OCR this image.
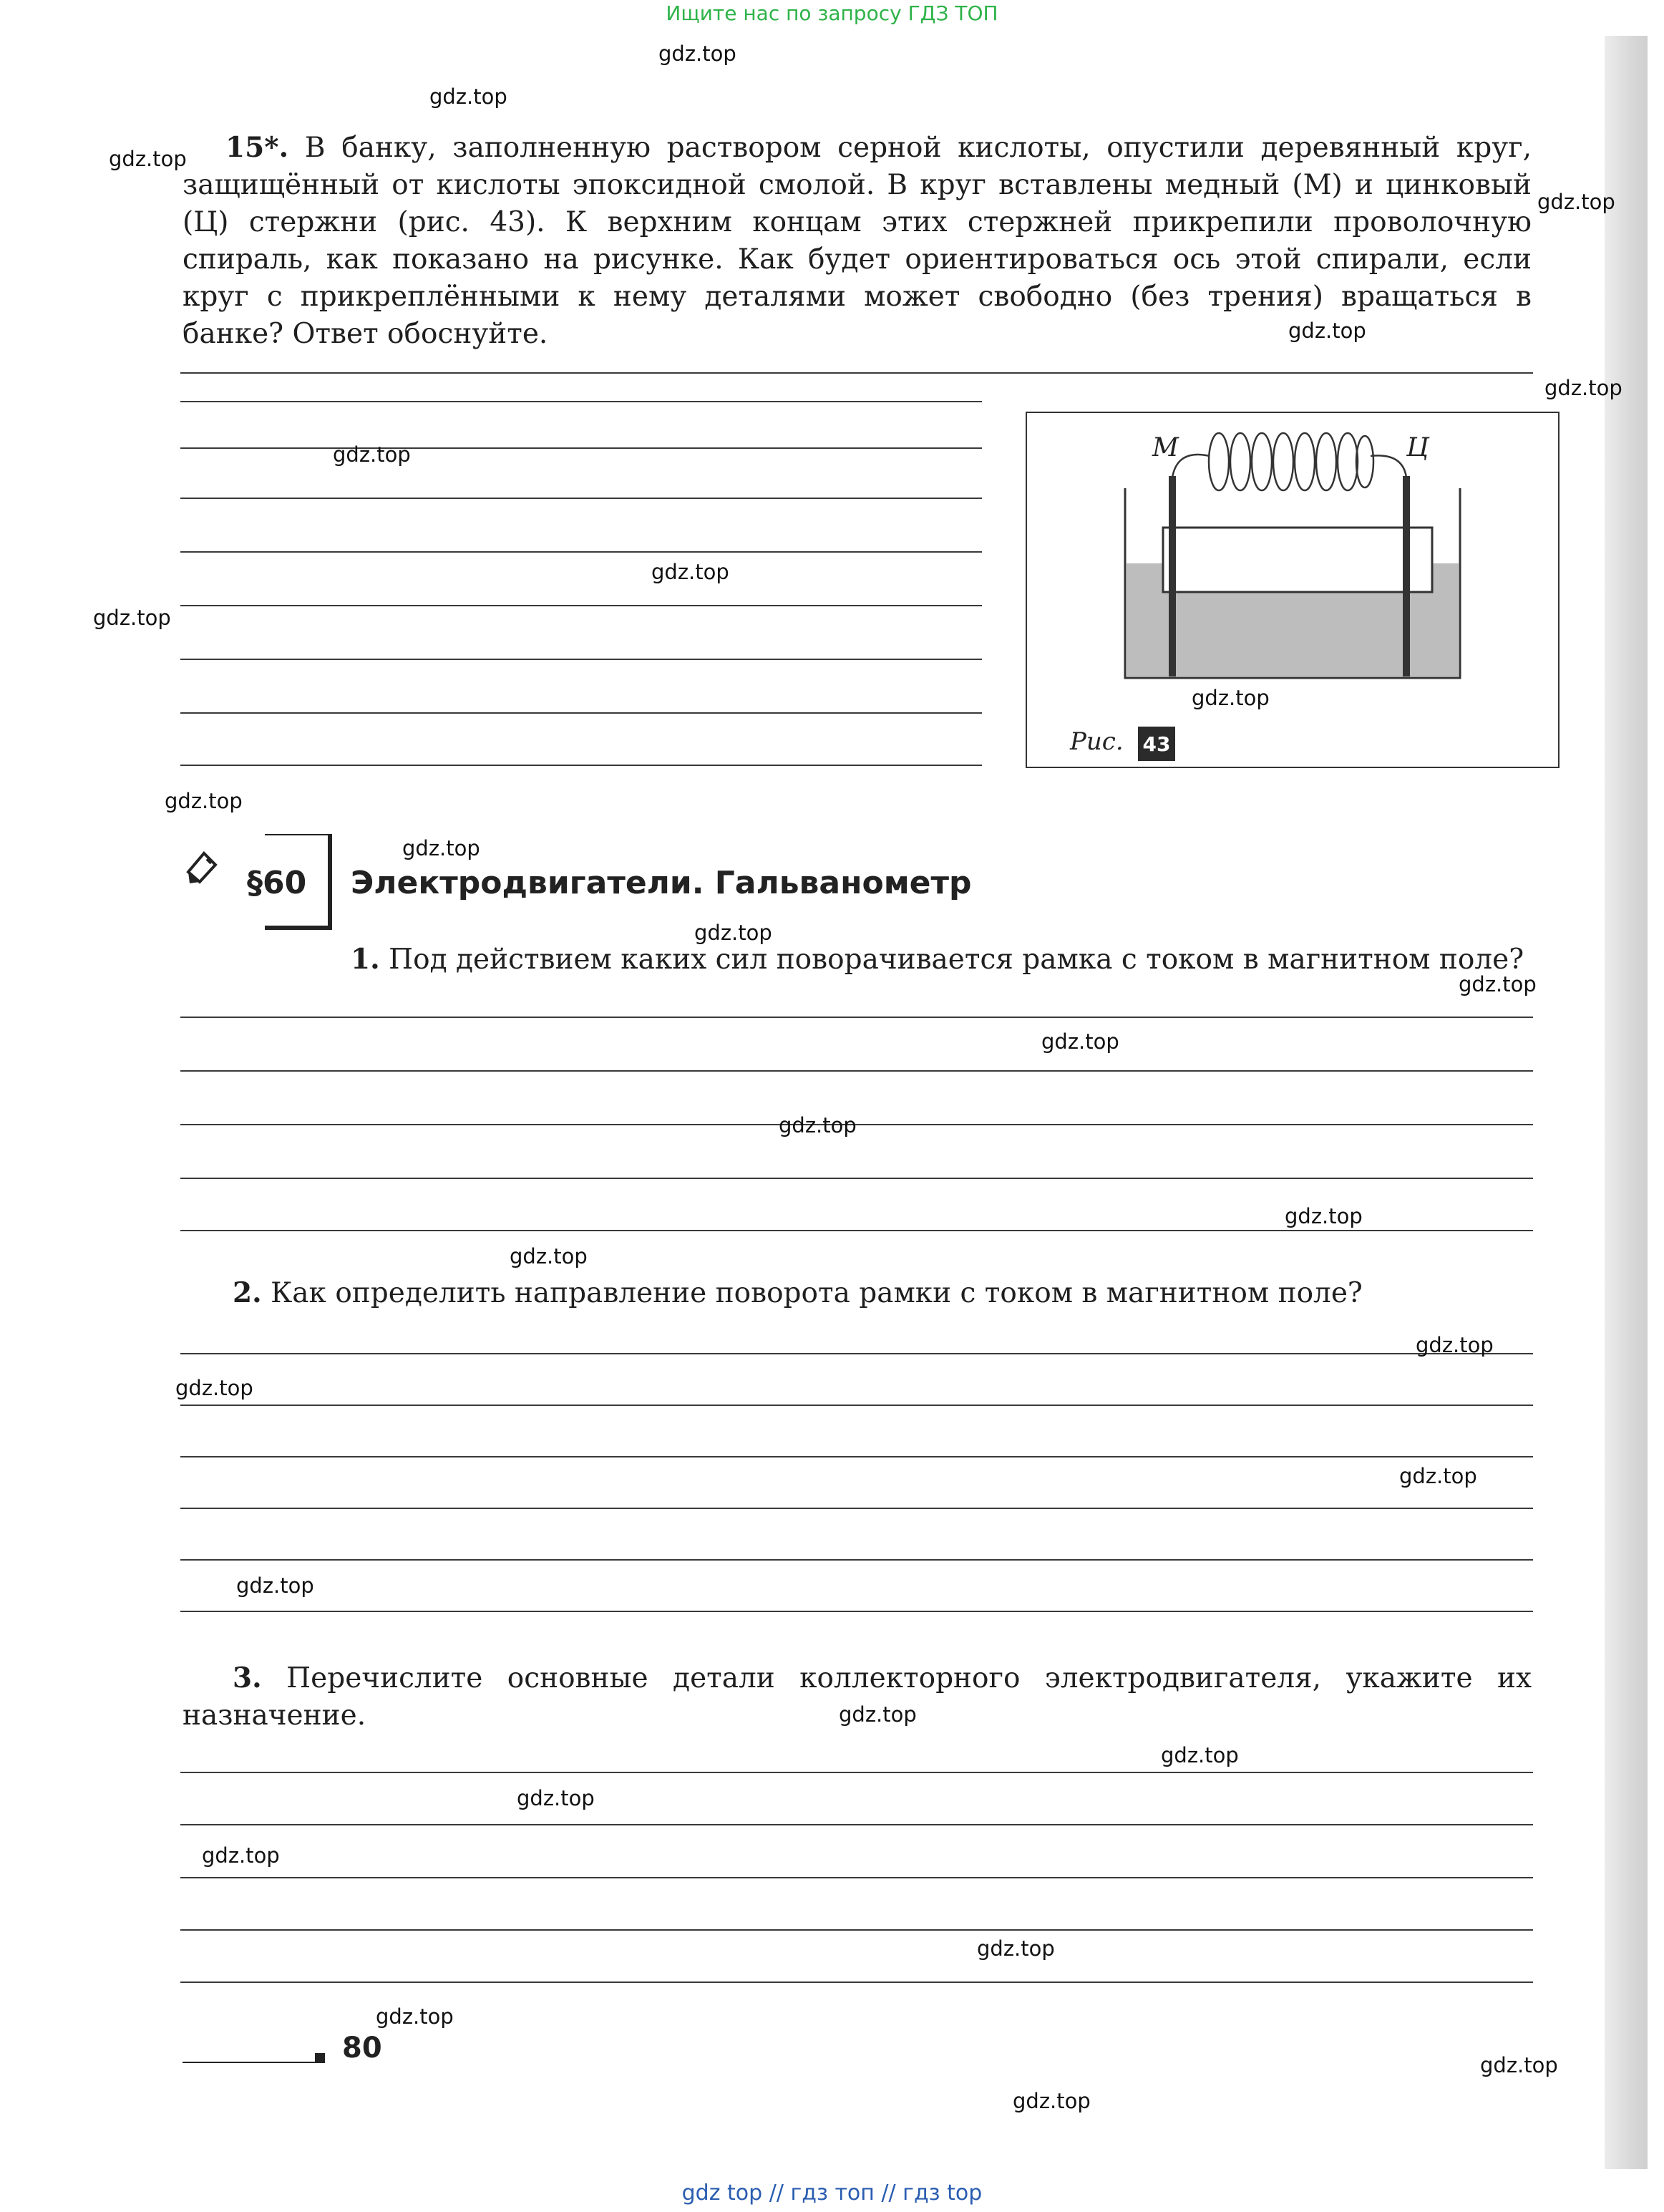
Ищите нас по запросу ГДЗ ТОП
15*. В банку, заполненную раствором серной кислоты, опустили деревянный круг, защищённый от кислоты эпоксидной смолой. В круг вставлены медный (М) и цинковый (Ц) стержни (рис. 43). К верхним концам этих стержней прикрепили проволочную спираль, как показано на рисунке. Как будет ориентироваться ось этой спирали, если круг с прикреплёнными к нему деталями может свободно (без трения) вращаться в банке? Ответ обоснуйте.
М	Ц
Рис. 43
§60 Электродвигатели. Гальванометр
1. Под действием каких сил поворачивается рамка с током в магнитном поле?
2. Как определить направление поворота рамки с током в магнитном поле?
3. Перечислите основные детали коллекторного электродвигателя, укажите их назначение.
80
gdz.top
gdz.top
gdz.top
gdz.top
gdz.top
gdz.top
gdz.top
gdz.top
gdz.top
gdz.top
gdz.top
gdz.top
gdz.top
gdz.top
gdz.top
gdz.top
gdz.top
gdz.top
gdz.top
gdz.top
gdz.top
gdz.top
gdz.top
gdz.top
gdz.top
gdz.top
gdz.top
gdz.top
gdz.top
gdz.top
gdz top // гдз топ // гдз top
